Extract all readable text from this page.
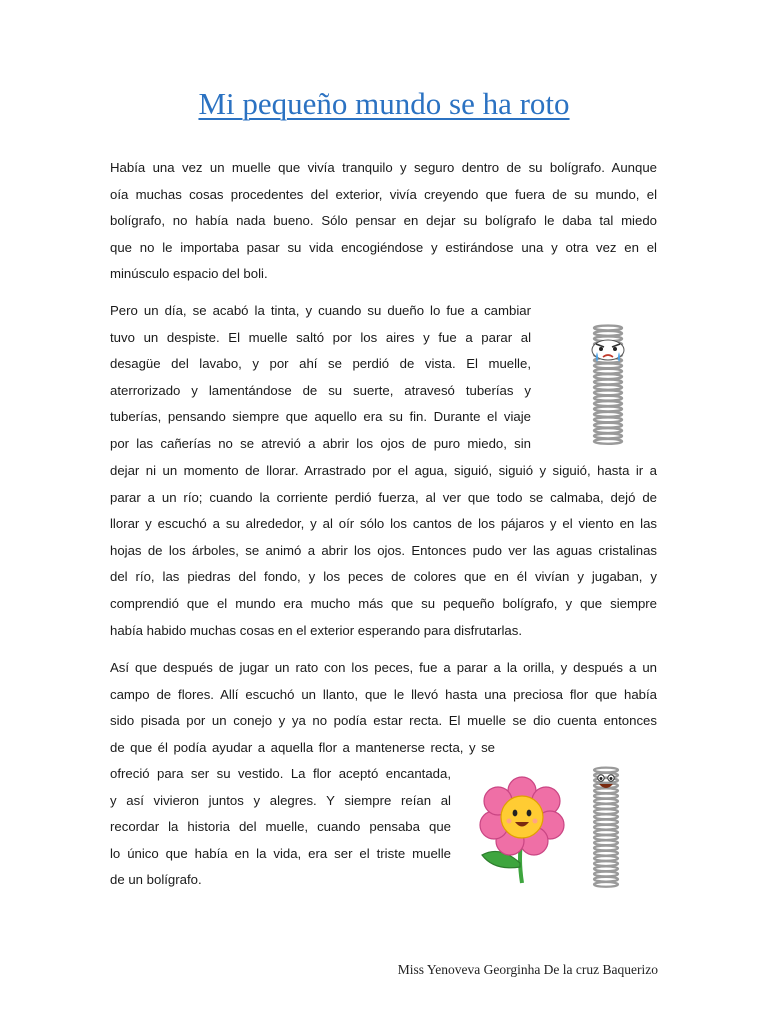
Mi pequeño mundo se ha roto

Había una vez un muelle que vivía tranquilo y seguro dentro de su bolígrafo. Aunque
oía muchas cosas procedentes del exterior, vivía creyendo que fuera de su mundo, el
bolígrafo, no había nada bueno. Sólo pensar en dejar su bolígrafo le daba tal miedo
que no le importaba pasar su vida encogiéndose y estirándose una y otra vez en el
minúsculo espacio del boli.

Pero un día, se acabó la tinta, y cuando su dueño lo fue a cambiar
tuvo un despiste. El muelle saltó por los aires y fue a parar al
desagüe del lavabo, y por ahí se perdió de vista. El muelle,
aterrorizado y lamentándose de su suerte, atravesó tuberías y
tuberías, pensando siempre que aquello era su fin. Durante el viaje
por las cañerías no se atrevió a abrir los ojos de puro miedo, sin

dejar ni un momento de llorar. Arrastrado por el agua, siguió, siguió y siguió, hasta ir a
parar a un río; cuando la corriente perdió fuerza, al ver que todo se calmaba, dejó de
llorar y escuchó a su alrededor, y al oír sólo los cantos de los pájaros y el viento en las
hojas de los árboles, se animó a abrir los ojos. Entonces pudo ver las aguas cristalinas
del río, las piedras del fondo, y los peces de colores que en él vivían y jugaban, y
comprendió que el mundo era mucho más que su pequeño bolígrafo, y que siempre
había habido muchas cosas en el exterior esperando para disfrutarlas.

Así que después de jugar un rato con los peces, fue a parar a la orilla, y después a un
campo de flores. Allí escuchó un llanto, que le llevó hasta una preciosa flor que había
sido pisada por un conejo y ya no podía estar recta. El muelle se dio cuenta entonces

de que él podía ayudar a aquella flor a mantenerse recta, y se

ofreció para ser su vestido. La flor aceptó encantada,
y así vivieron juntos y alegres. Y siempre reían al
recordar la historia del muelle, cuando pensaba que
lo único que había en la vida, era ser el triste muelle
de un bolígrafo.

Miss Yenoveva Georginha De la cruz Baquerizo
